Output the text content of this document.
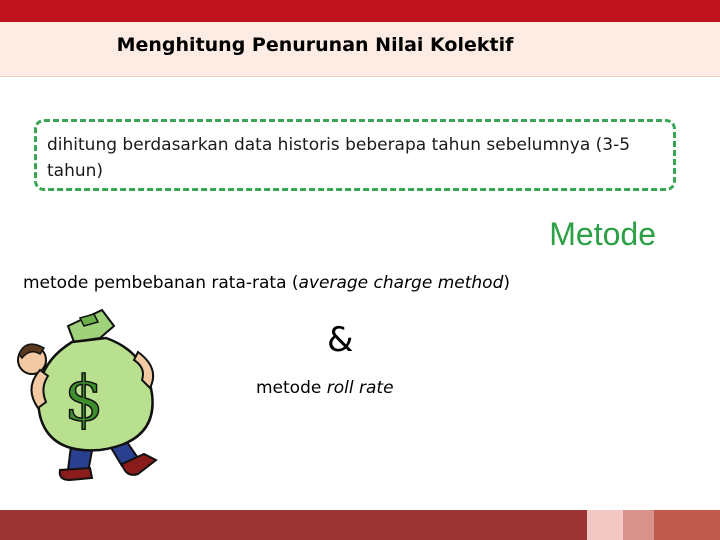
Menghitung Penurunan Nilai Kolektif
dihitung berdasarkan data historis beberapa tahun sebelumnya (3-5 tahun)
Metode
metode pembebanan rata-rata (average charge method)
&
metode roll rate
$
